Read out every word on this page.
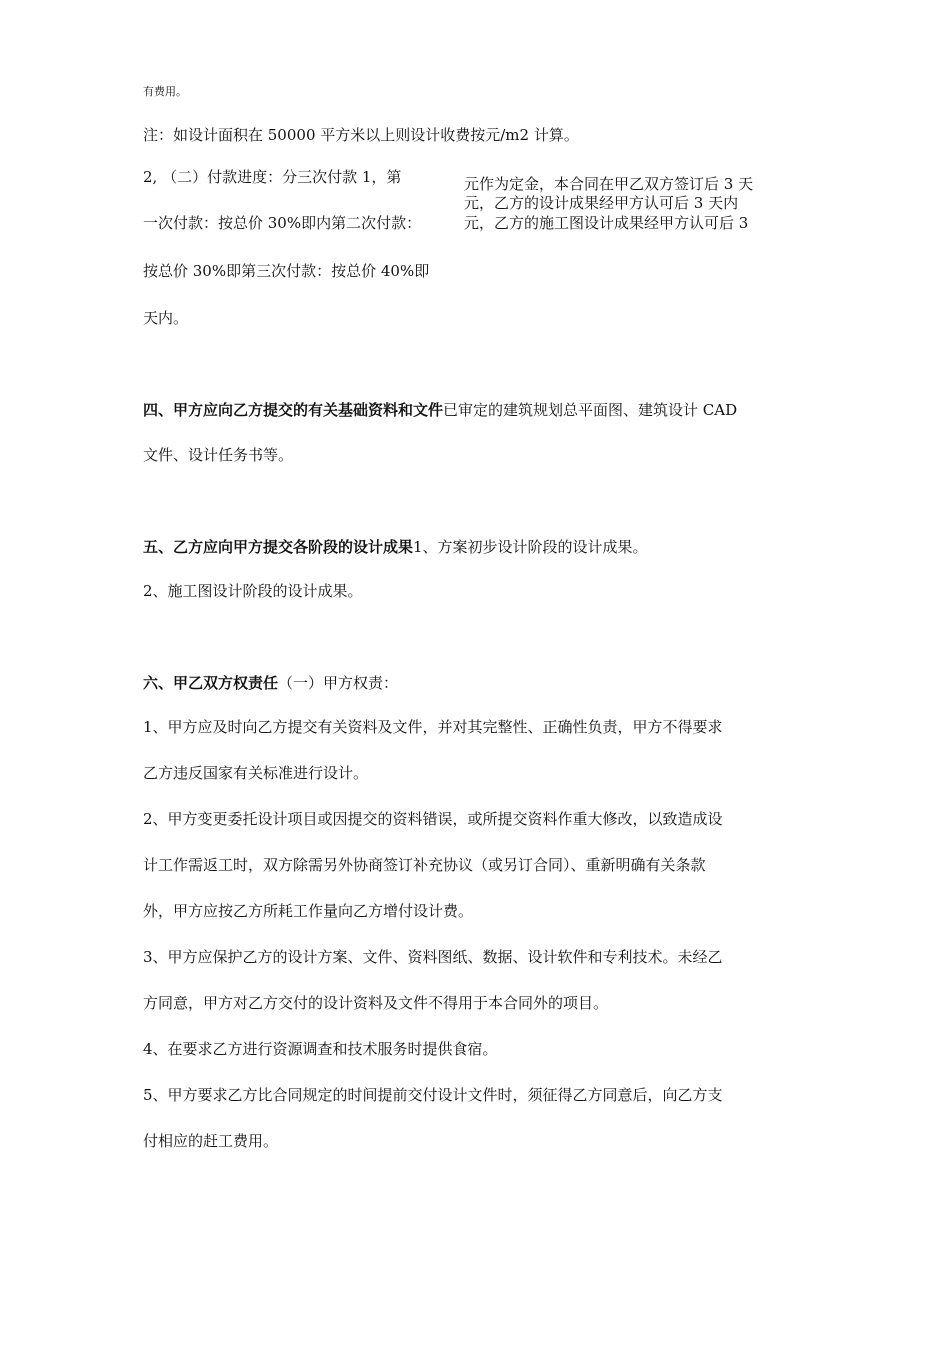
有费用。
注：如设计面积在 50000 平方米以上则设计收费按元/m2 计算。
2, （二）付款进度：分三次付款 1，第
一次付款：按总价 30%即内第二次付款：
按总价 30%即第三次付款：按总价 40%即
天内。
元作为定金，本合同在甲乙双方签订后 3 天
元，乙方的设计成果经甲方认可后 3 天内
元，乙方的施工图设计成果经甲方认可后 3
四、甲方应向乙方提交的有关基础资料和文件已审定的建筑规划总平面图、建筑设计 CAD
文件、设计任务书等。
五、乙方应向甲方提交各阶段的设计成果1、方案初步设计阶段的设计成果。
2、施工图设计阶段的设计成果。
六、甲乙双方权责任（一）甲方权责：
1、甲方应及时向乙方提交有关资料及文件，并对其完整性、正确性负责，甲方不得要求
乙方违反国家有关标准进行设计。
2、甲方变更委托设计项目或因提交的资料错误，或所提交资料作重大修改，以致造成设
计工作需返工时，双方除需另外协商签订补充协议（或另订合同）、重新明确有关条款
外，甲方应按乙方所耗工作量向乙方增付设计费。
3、甲方应保护乙方的设计方案、文件、资料图纸、数据、设计软件和专利技术。未经乙
方同意，甲方对乙方交付的设计资料及文件不得用于本合同外的项目。
4、在要求乙方进行资源调查和技术服务时提供食宿。
5、甲方要求乙方比合同规定的时间提前交付设计文件时，须征得乙方同意后，向乙方支
付相应的赶工费用。
